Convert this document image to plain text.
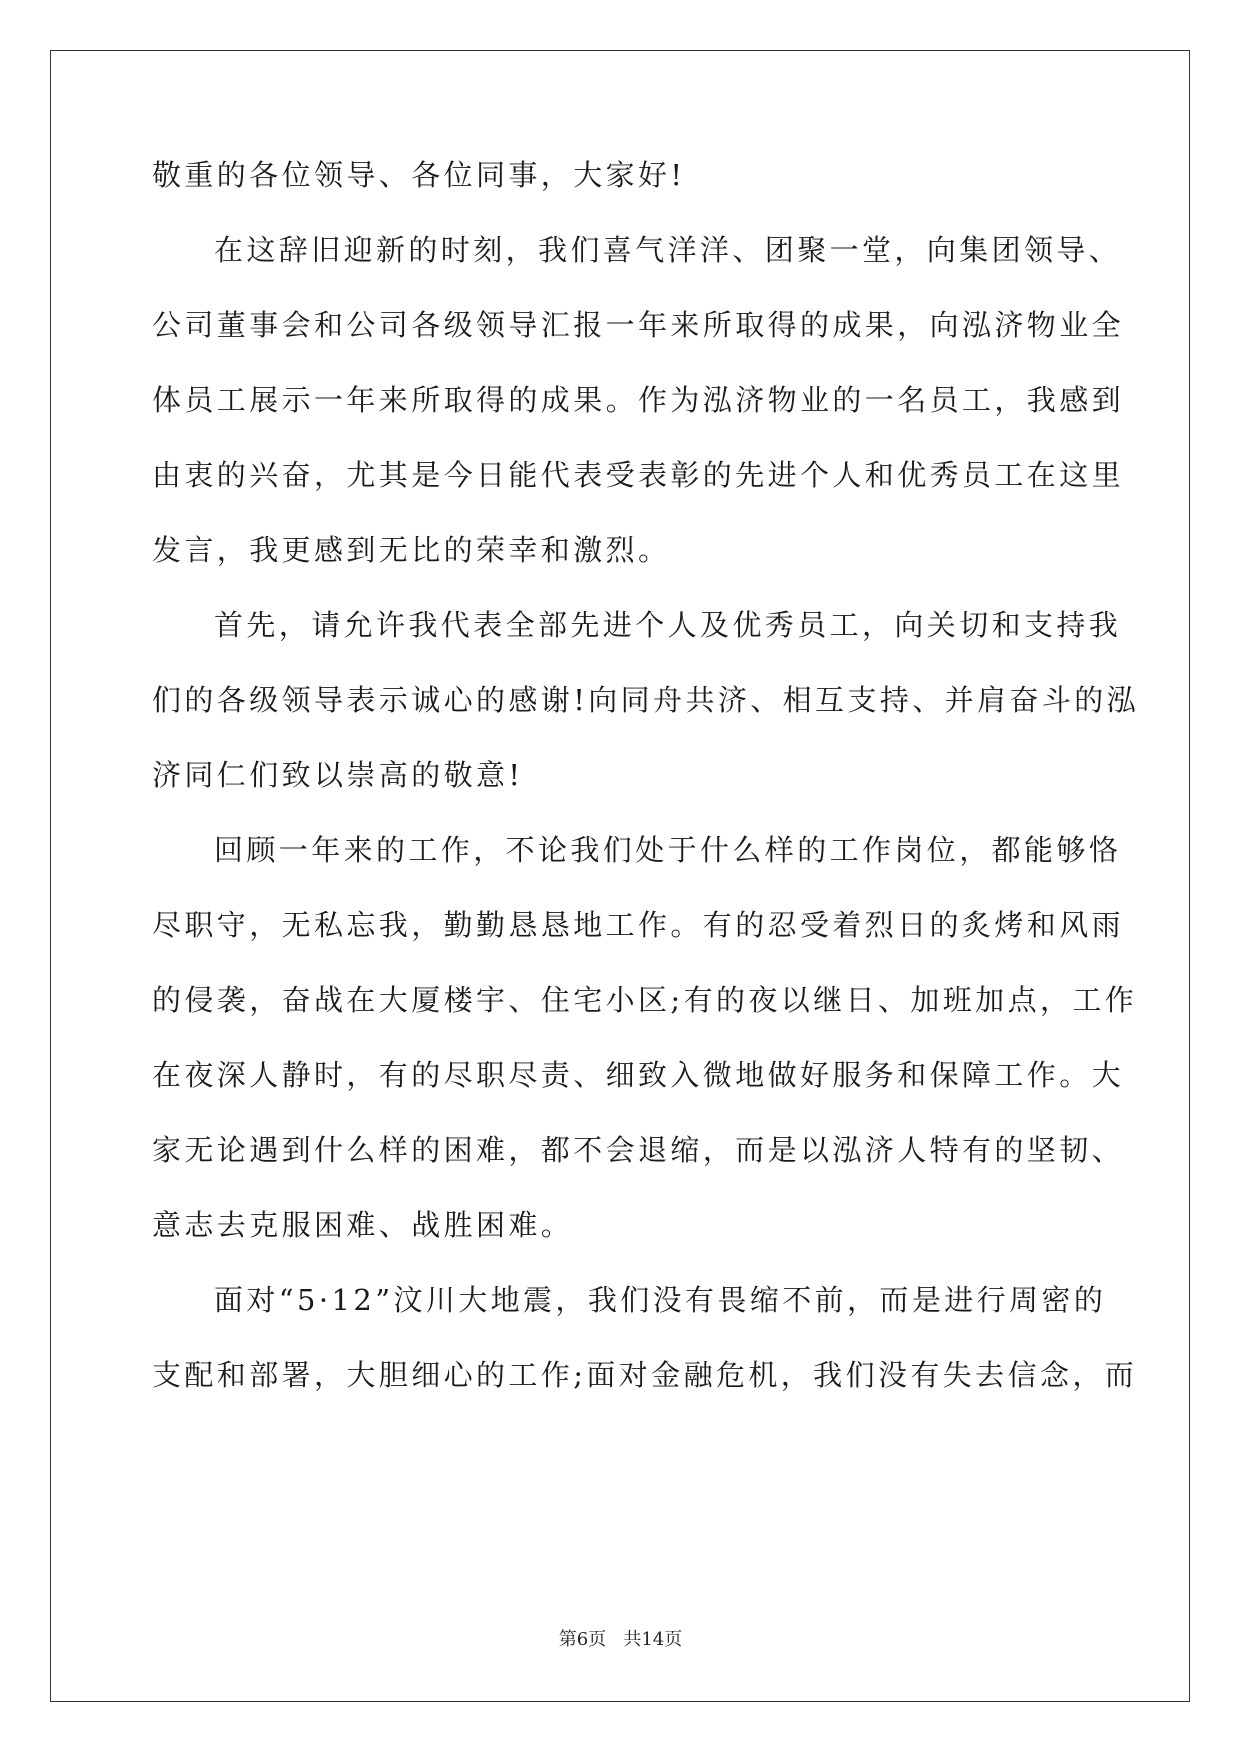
敬重的各位领导、各位同事，大家好!
在这辞旧迎新的时刻，我们喜气洋洋、团聚一堂，向集团领导、
公司董事会和公司各级领导汇报一年来所取得的成果，向泓济物业全
体员工展示一年来所取得的成果。作为泓济物业的一名员工，我感到
由衷的兴奋，尤其是今日能代表受表彰的先进个人和优秀员工在这里
发言，我更感到无比的荣幸和激烈。
首先，请允许我代表全部先进个人及优秀员工，向关切和支持我
们的各级领导表示诚心的感谢!向同舟共济、相互支持、并肩奋斗的泓
济同仁们致以崇高的敬意!
回顾一年来的工作，不论我们处于什么样的工作岗位，都能够恪
尽职守，无私忘我，勤勤恳恳地工作。有的忍受着烈日的炙烤和风雨
的侵袭，奋战在大厦楼宇、住宅小区;有的夜以继日、加班加点，工作
在夜深人静时，有的尽职尽责、细致入微地做好服务和保障工作。大
家无论遇到什么样的困难，都不会退缩，而是以泓济人特有的坚韧、
意志去克服困难、战胜困难。
面对“5·12”汶川大地震，我们没有畏缩不前，而是进行周密的
支配和部署，大胆细心的工作;面对金融危机，我们没有失去信念，而
第6页   共14页
